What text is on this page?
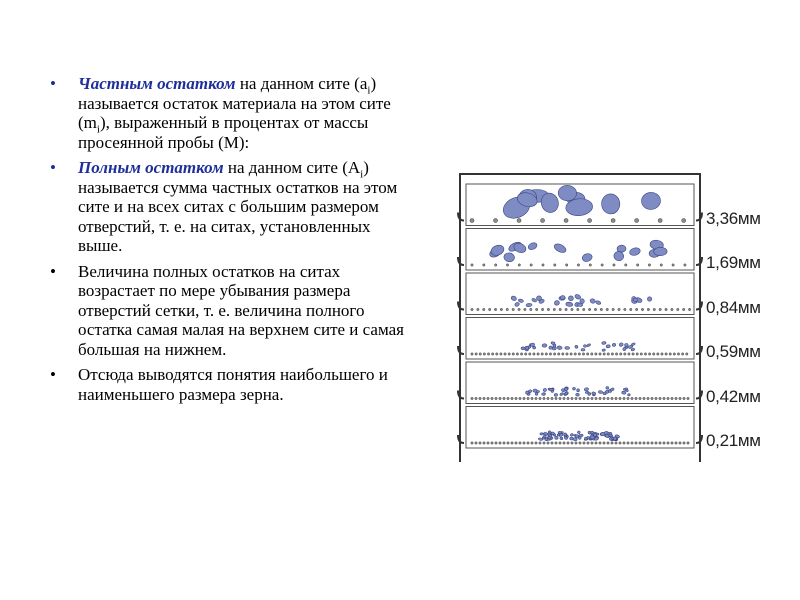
• Частным остатком на данном сите $(a_i)$ называется остаток материала на этом сите $(m_i)$, выраженный в процентах от массы просеянной пробы (M):
• Полным остатком на данном сите $(A_i)$ называется сумма частных остатков на этом сите и на всех ситах с большим размером отверстий, т. е. на ситах, установленных выше.
• Величина полных остатков на ситах возрастает по мере убывания размера отверстий сетки, т. е. величина полного остатка самая малая на верхнем сите и самая большая на нижнем.
• Отсюда выводятся понятия наибольшего и наименьшего размера зерна.
3,36мм
1,69мм
0,84мм
0,59мм
0,42мм
0,21мм
